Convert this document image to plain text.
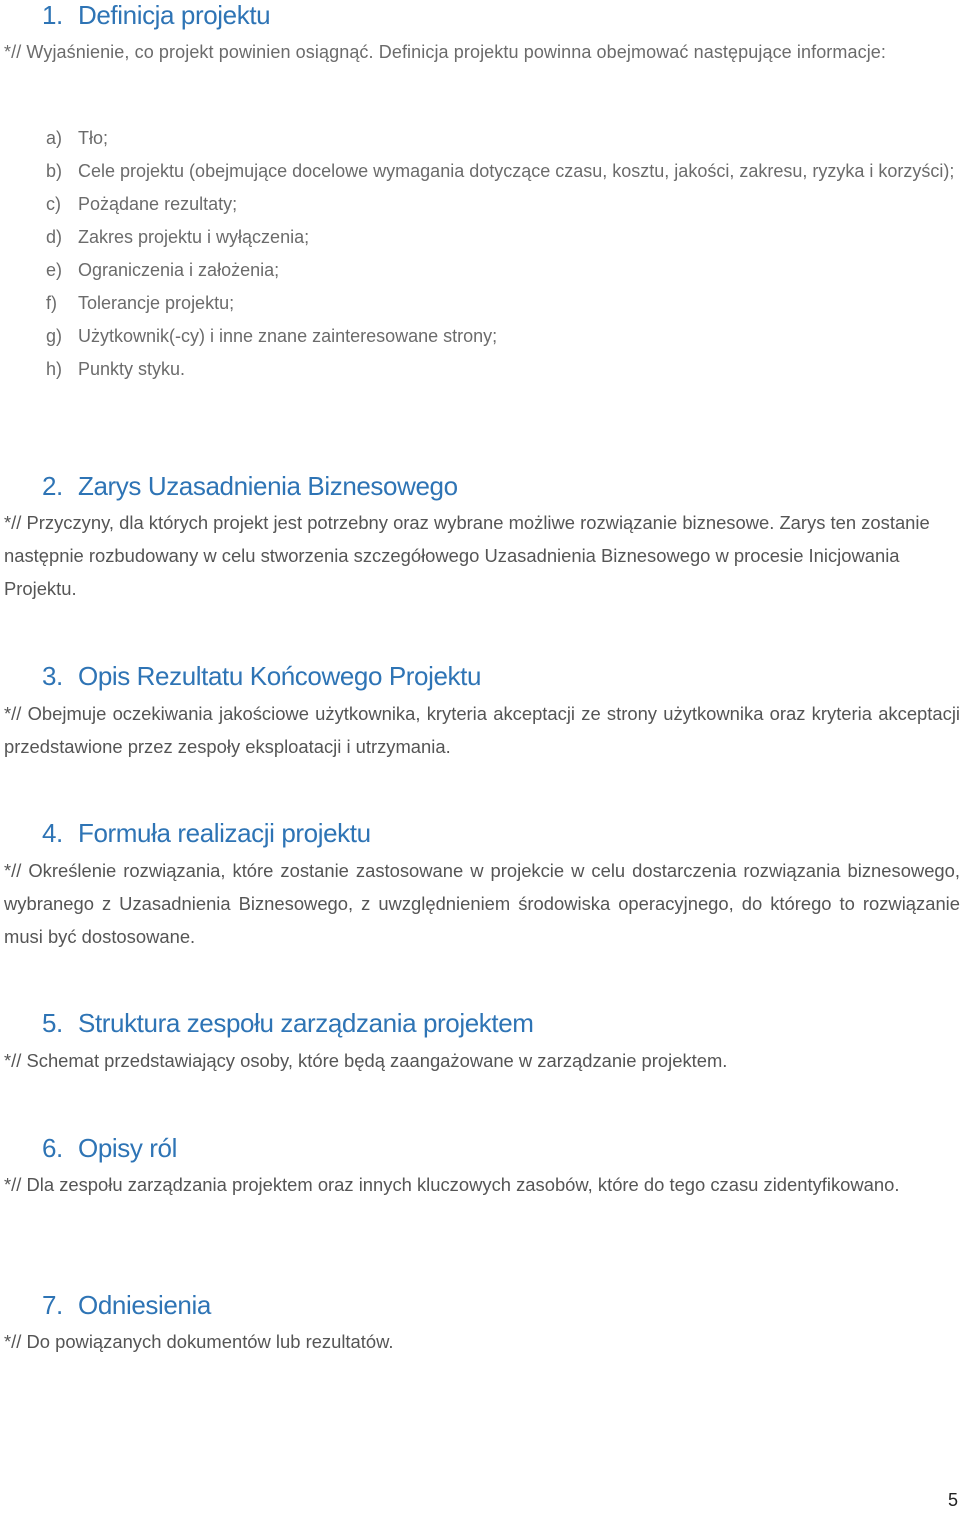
1. Definicja projektu

*// Wyjaśnienie, co projekt powinien osiągnąć. Definicja projektu powinna obejmować następujące informacje:

a) Tło;
b) Cele projektu (obejmujące docelowe wymagania dotyczące czasu, kosztu, jakości, zakresu, ryzyka i korzyści);
c) Pożądane rezultaty;
d) Zakres projektu i wyłączenia;
e) Ograniczenia i założenia;
f)	Tolerancje projektu;
g) Użytkownik(-cy) i inne znane zainteresowane strony;
h) Punkty styku.
2. Zarys Uzasadnienia Biznesowego

*// Przyczyny, dla których projekt jest potrzebny oraz wybrane możliwe rozwiązanie biznesowe. Zarys ten zostanie następnie rozbudowany w celu stworzenia szczegółowego Uzasadnienia Biznesowego w procesie Inicjowania Projektu.

3. Opis Rezultatu Końcowego Projektu

*// Obejmuje oczekiwania jakościowe użytkownika, kryteria akceptacji ze strony użytkownika oraz kryteria akceptacji przedstawione przez zespoły eksploatacji i utrzymania.

4. Formuła realizacji projektu

*// Określenie rozwiązania, które zostanie zastosowane w projekcie w celu dostarczenia rozwiązania biznesowego, wybranego z Uzasadnienia Biznesowego, z uwzględnieniem środowiska operacyjnego, do którego to rozwiązanie musi być dostosowane.

5. Struktura zespołu zarządzania projektem

*// Schemat przedstawiający osoby, które będą zaangażowane w zarządzanie projektem.

6. Opisy ról

*// Dla zespołu zarządzania projektem oraz innych kluczowych zasobów, które do tego czasu zidentyfikowano.

7. Odniesienia

*// Do powiązanych dokumentów lub rezultatów.

5
